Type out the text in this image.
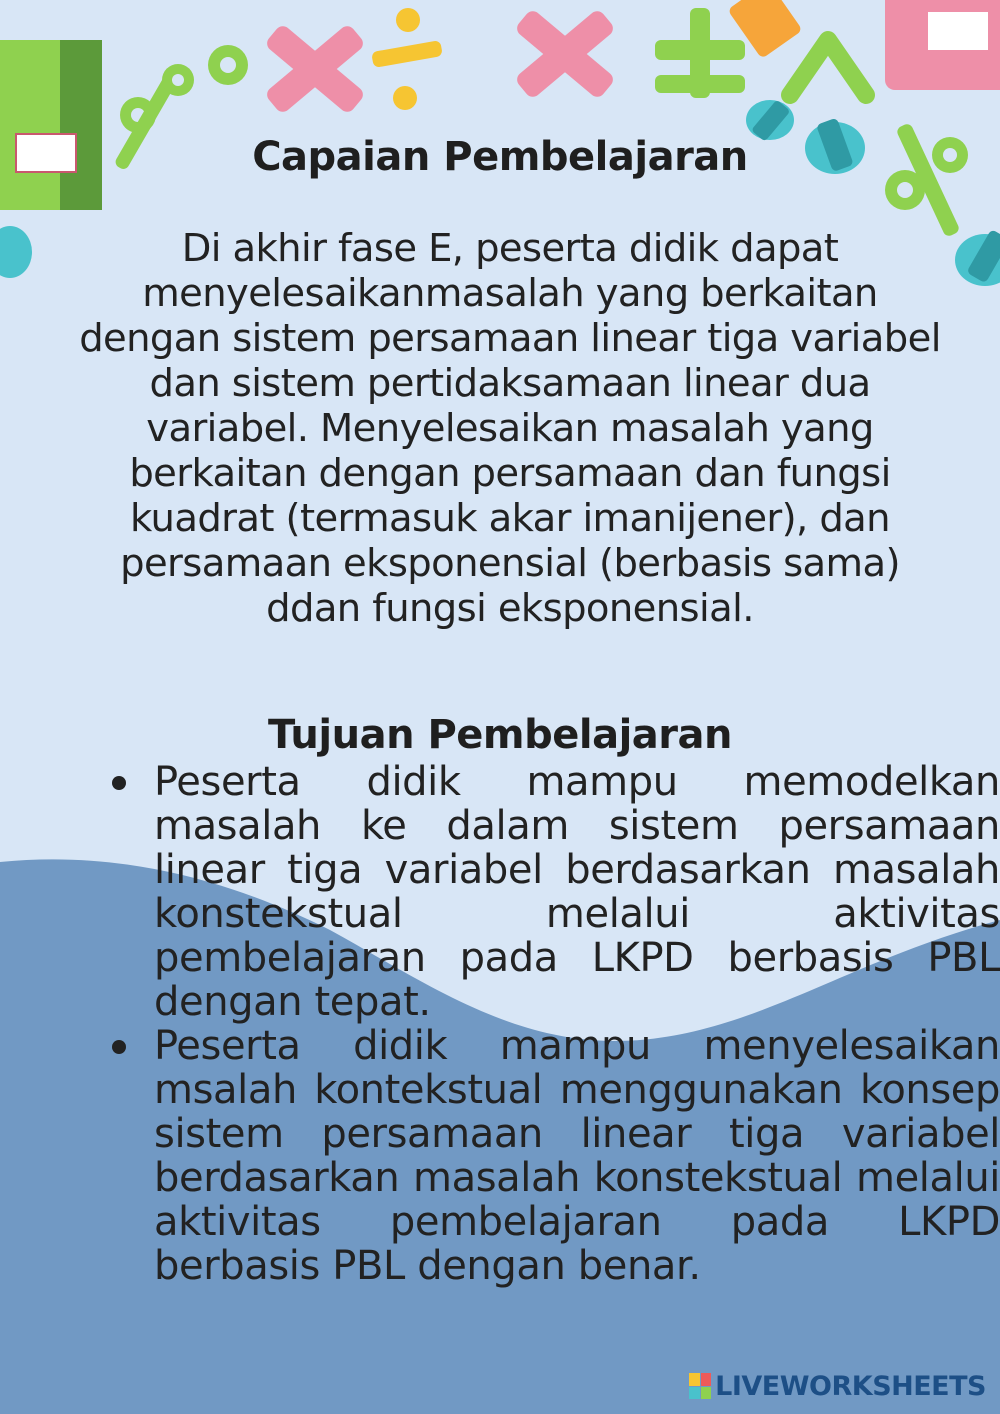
Capaian Pembelajaran
Di akhir fase E, peserta didik dapat menyelesaikanmasalah yang berkaitan dengan sistem persamaan linear tiga variabel dan sistem pertidaksamaan linear dua variabel. Menyelesaikan masalah yang berkaitan dengan persamaan dan fungsi kuadrat (termasuk akar imanijener), dan persamaan eksponensial (berbasis sama) ddan fungsi eksponensial.
Tujuan Pembelajaran
Peserta didik mampu memodelkan masalah ke dalam sistem persamaan linear tiga variabel berdasarkan masalah konstekstual melalui aktivitas pembelajaran pada LKPD berbasis PBL dengan tepat.
Peserta didik mampu menyelesaikan msalah kontekstual menggunakan konsep sistem persamaan linear tiga variabel berdasarkan masalah konstekstual melalui aktivitas pembelajaran pada LKPD berbasis PBL dengan benar.
LIVEWORKSHEETS
